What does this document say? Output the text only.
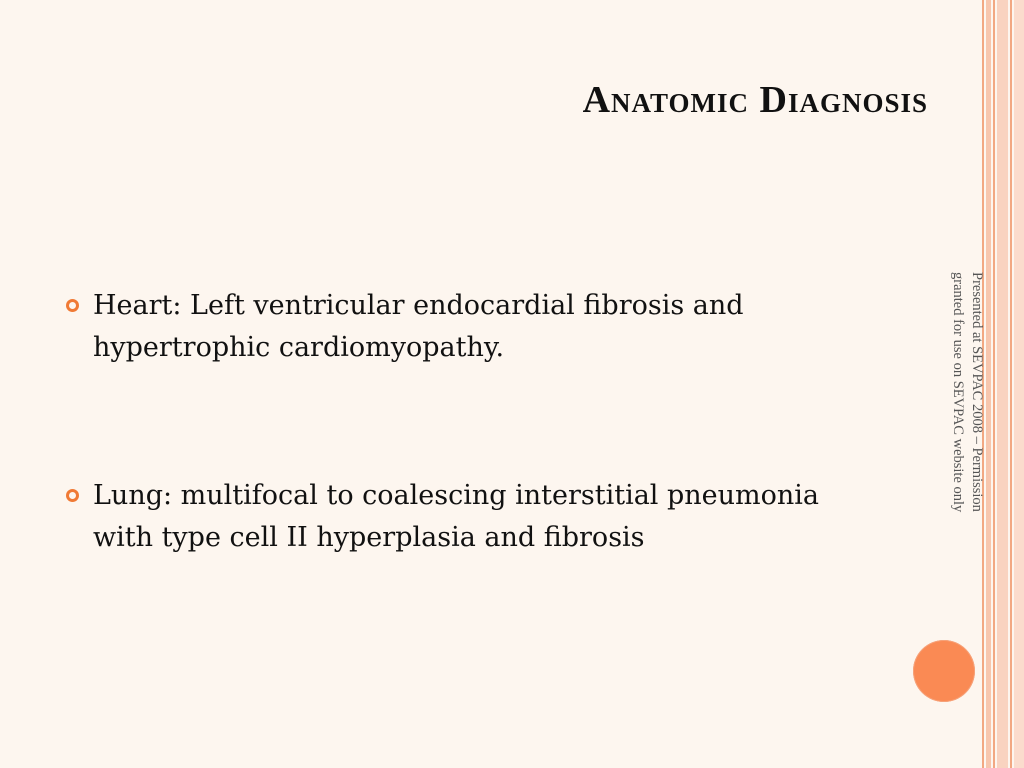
Anatomic Diagnosis
Heart: Left ventricular endocardial fibrosis and
hypertrophic cardiomyopathy.
Lung: multifocal to coalescing interstitial pneumonia
with type cell II hyperplasia and fibrosis
Presented at SEVPAC 2008 – Permission
granted for use on SEVPAC website only
